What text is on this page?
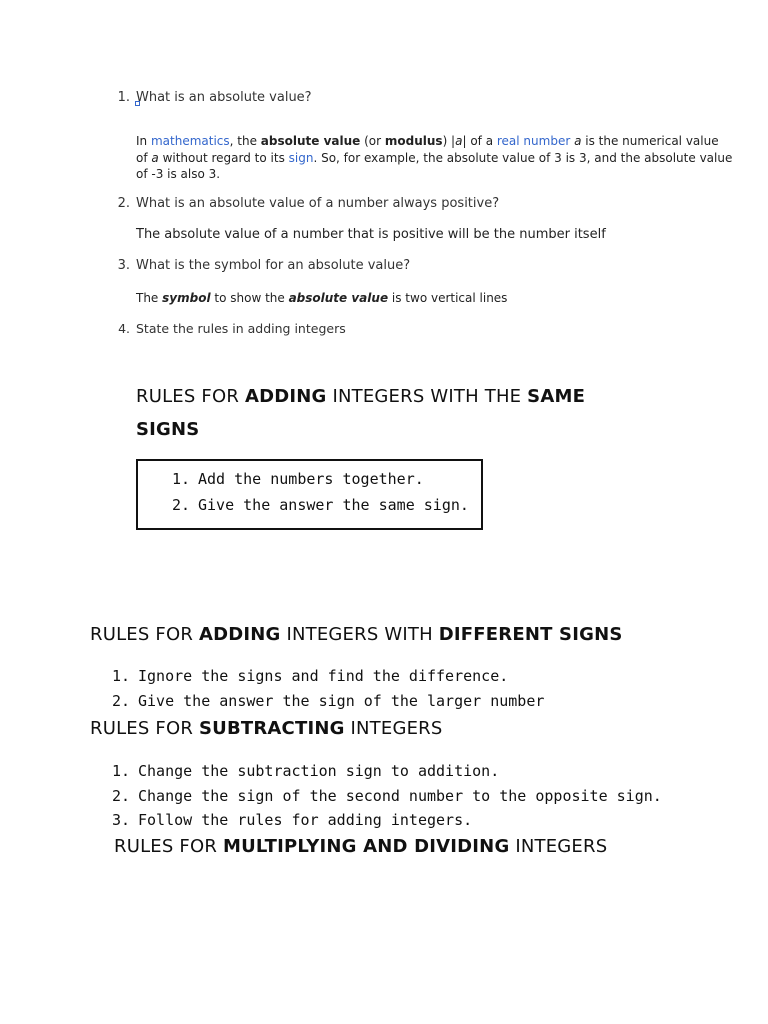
1. What is an absolute value?
In mathematics, the absolute value (or modulus) |a| of a real number a is the numerical value
of a without regard to its sign. So, for example, the absolute value of 3 is 3, and the absolute value
of -3 is also 3.
2. What is an absolute value of a number always positive?
The absolute value of a number that is positive will be the number itself
3. What is the symbol for an absolute value?
The symbol to show the absolute value is two vertical lines
4. State the rules in adding integers
RULES FOR ADDING INTEGERS WITH THE SAME
SIGNS
1. Add the numbers together.
2. Give the answer the same sign.
RULES FOR ADDING INTEGERS WITH DIFFERENT SIGNS
1. Ignore the signs and find the difference.
2. Give the answer the sign of the larger number
RULES FOR SUBTRACTING INTEGERS
1. Change the subtraction sign to addition.
2. Change the sign of the second number to the opposite sign.
3. Follow the rules for adding integers.
RULES FOR MULTIPLYING AND DIVIDING INTEGERS
